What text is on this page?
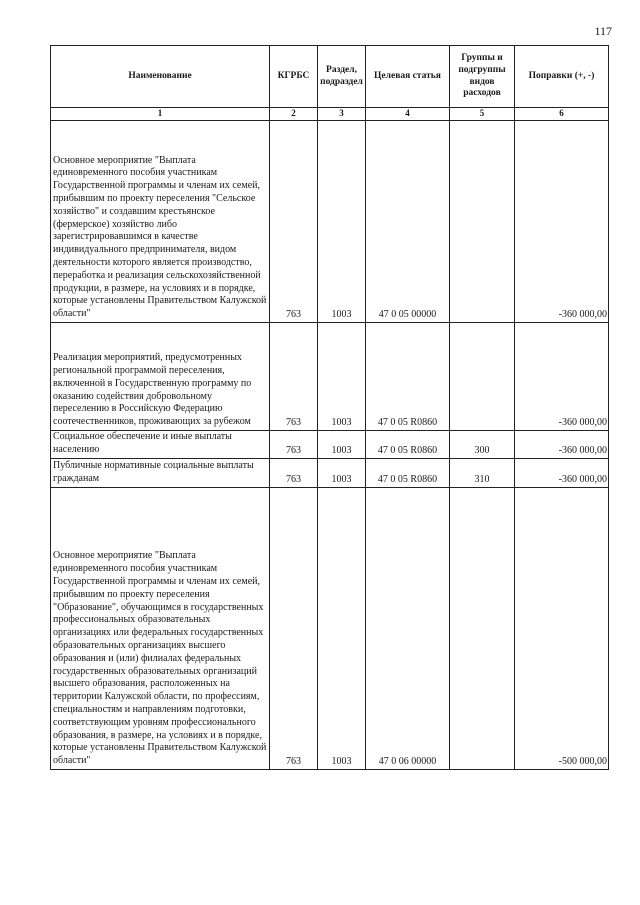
117
Наименование	КГРБС	Раздел, подраздел	Целевая статья	Группы и подгруппы видов расходов	Поправки (+, -)
1	2	3	4	5	6
Основное мероприятие "Выплата единовременного пособия участникам Государственной программы и членам их семей, прибывшим по проекту переселения "Сельское хозяйство" и создавшим крестьянское (фермерское) хозяйство либо зарегистрировавшимся в качестве индивидуального предпринимателя, видом деятельности которого является производство, переработка и реализация сельскохозяйственной продукции, в размере, на условиях и в порядке, которые установлены Правительством Калужской области"	763	1003	47 0 05 00000		-360 000,00
Реализация мероприятий, предусмотренных региональной программой переселения, включенной в Государственную программу по оказанию содействия добровольному переселению в Российскую Федерацию соотечественников, проживающих за рубежом	763	1003	47 0 05 R0860		-360 000,00
Социальное обеспечение и иные выплаты населению	763	1003	47 0 05 R0860	300	-360 000,00
Публичные нормативные социальные выплаты гражданам	763	1003	47 0 05 R0860	310	-360 000,00
Основное мероприятие "Выплата единовременного пособия участникам Государственной программы и членам их семей, прибывшим по проекту переселения "Образование", обучающимся в государственных профессиональных образовательных организациях или федеральных государственных образовательных организациях высшего образования и (или) филиалах федеральных государственных образовательных организаций высшего образования, расположенных на территории Калужской области, по профессиям, специальностям и направлениям подготовки, соответствующим уровням профессионального образования, в размере, на условиях и в порядке, которые установлены Правительством Калужской области"	763	1003	47 0 06 00000		-500 000,00
